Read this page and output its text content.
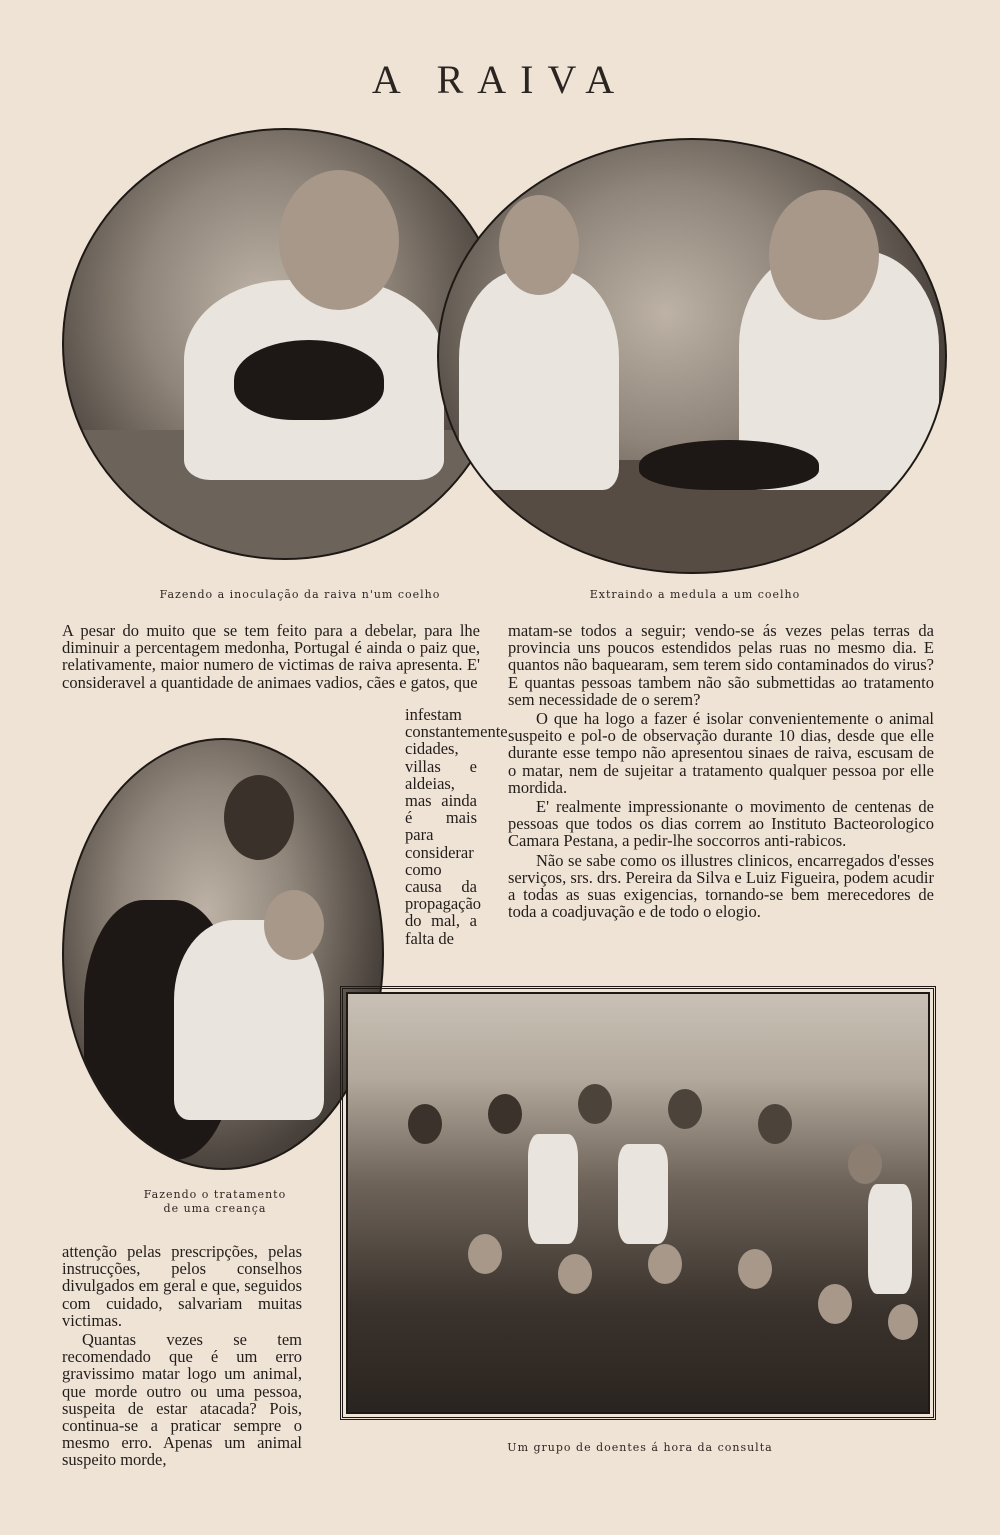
A RAIVA
Fazendo a inoculação da raiva n'um coelho	Extraindo a medula a um coelho

A pesar do muito que se tem feito para a debelar, para lhe diminuir a percentagem medonha, Portugal é ainda o paiz que, relativamente, maior numero de victimas de raiva apresenta. E' consideravel a quantidade de animaes vadios, cães e gatos, que

infestam constantemente cidades, villas e aldeias, mas ainda é mais para considerar como causa da propagação do mal, a falta de

Fazendo o tratamento de uma creança

attenção pelas prescripções, pelas instrucções, pelos conselhos divulgados em geral e que, seguidos com cuidado, salvariam muitas victimas.

Quantas vezes se tem recomendado que é um erro gravissimo matar logo um animal, que morde outro ou uma pessoa, suspeita de estar atacada? Pois, continua-se a praticar sempre o mesmo erro. Apenas um animal suspeito morde,

matam-se todos a seguir; vendo-se ás vezes pelas terras da provincia uns poucos estendidos pelas ruas no mesmo dia. E quantos não baquearam, sem terem sido contaminados do virus? E quantas pessoas tambem não são submettidas ao tratamento sem necessidade de o serem?

O que ha logo a fazer é isolar convenientemente o animal suspeito e pol-o de observação durante 10 dias, desde que elle durante esse tempo não apresentou sinaes de raiva, escusam de o matar, nem de sujeitar a tratamento qualquer pessoa por elle mordida.

E' realmente impressionante o movimento de centenas de pessoas que todos os dias correm ao Instituto Bacteorologico Camara Pestana, a pedir-lhe soccorros anti-rabicos.

Não se sabe como os illustres clinicos, encarregados d'esses serviços, srs. drs. Pereira da Silva e Luiz Figueira, podem acudir a todas as suas exigencias, tornando-se bem merecedores de toda a coadjuvação e de todo o elogio.

Um grupo de doentes á hora da consulta
